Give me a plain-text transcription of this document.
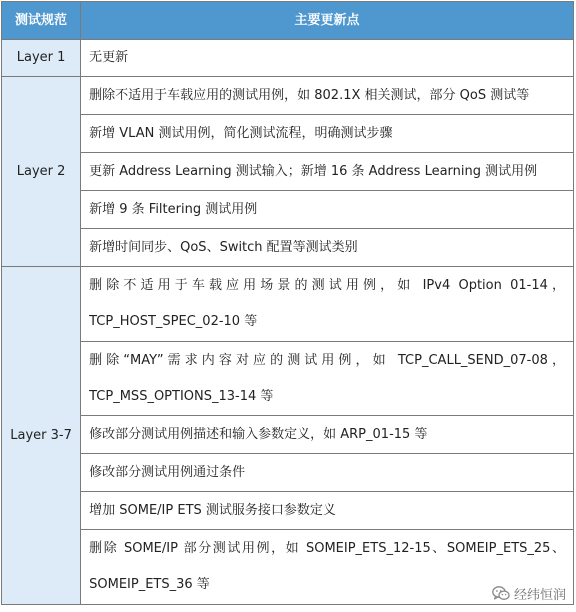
测试规范	主要更新点
Layer 1	无更新

Layer 2	删除不适用于车载应用的测试用例，如 802.1X 相关测试，部分 QoS 测试等

	新增 VLAN 测试用例，简化测试流程，明确测试步骤

	更新 Address Learning 测试输入；新增 16 条 Address Learning 测试用例

	新增 9 条 Filtering 测试用例

	新增时间同步、QoS、Switch 配置等测试类别

Layer 3-7	删除不适用于车载应用场景的测试用例，如 IPv4 Option 01-14，
TCP_HOST_SPEC_02-10 等

	删除“MAY”需求内容对应的测试用例，如 TCP_CALL_SEND_07-08，
TCP_MSS_OPTIONS_13-14 等

	修改部分测试用例描述和输入参数定义，如 ARP_01-15 等

	修改部分测试用例通过条件

	增加 SOME/IP ETS 测试服务接口参数定义

	删除 SOME/IP 部分测试用例，如 SOMEIP_ETS_12-15、SOMEIP_ETS_25、
SOMEIP_ETS_36 等
经纬恒润
